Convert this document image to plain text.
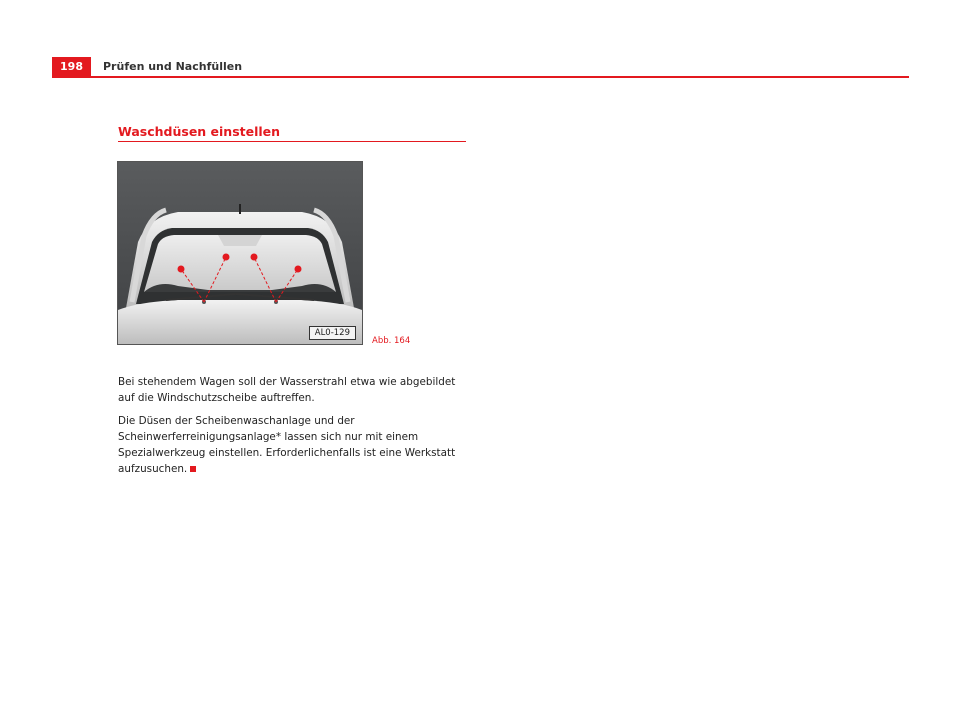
198	Prüfen und Nachfüllen
Waschdüsen einstellen
AL0-129
Abb. 164

Bei stehendem Wagen soll der Wasserstrahl etwa wie abgebildet auf die Windschutzscheibe auftreffen.

Die Düsen der Scheibenwaschanlage und der Scheinwerferreinigungsanlage* lassen sich nur mit einem Spezialwerkzeug einstellen. Erforderlichenfalls ist eine Werkstatt aufzusuchen.
